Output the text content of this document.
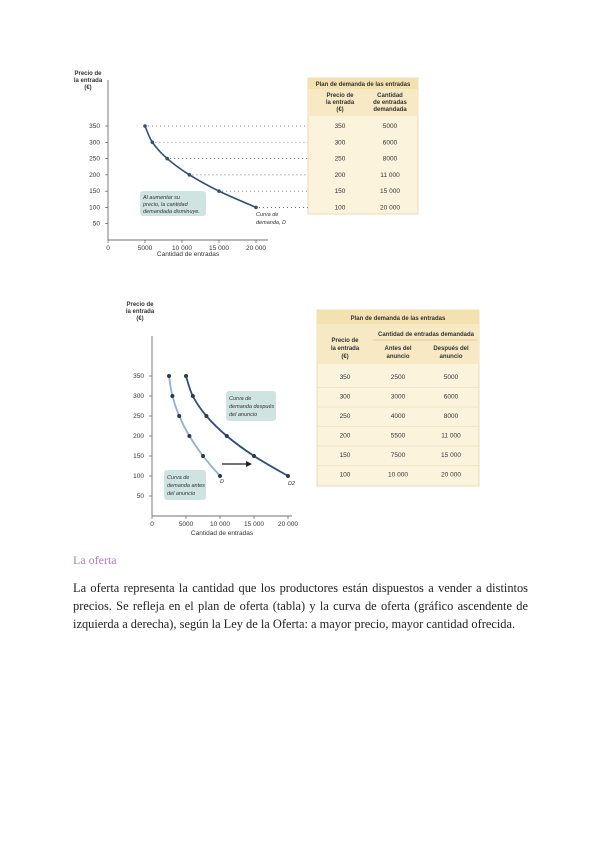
Precio de
la entrada
(€)
350
300
250
200
150
100
50
0	5000	10 000	15 000	20 000
Cantidad de entradas
Curva de
demanda, D
Al aumentar su
precio, la cantidad
demandada disminuye.
Plan de demanda de las entradas
Precio de
la entrada
(€)
Cantidad
de entradas
demandada
350	5000
300	6000
250	8000
200	11 000
150	15 000
100	20 000
Precio de
la entrada
(€)
350
300
250
200
150
100
50
0	5000	10 000 15 000 20 000
D	D2
Cantidad de entradas
Curva de
demanda antes
del anuncio
Curva de
demanda después
del anuncio
Plan de demanda de las entradas
Cantidad de entradas demandada
Precio de
la entrada
(€)
Antes del
anuncio
Después del
anuncio
350	2500	5000
300	3000	6000
250	4000	8000
200	5500	11 000
150	7500	15 000
100	10 000	20 000
La oferta

La oferta representa la cantidad que los productores están dispuestos a vender a distintos precios. Se refleja en el plan de oferta (tabla) y la curva de oferta (gráfico ascendente de izquierda a derecha), según la Ley de la Oferta: a mayor precio, mayor cantidad ofrecida.
